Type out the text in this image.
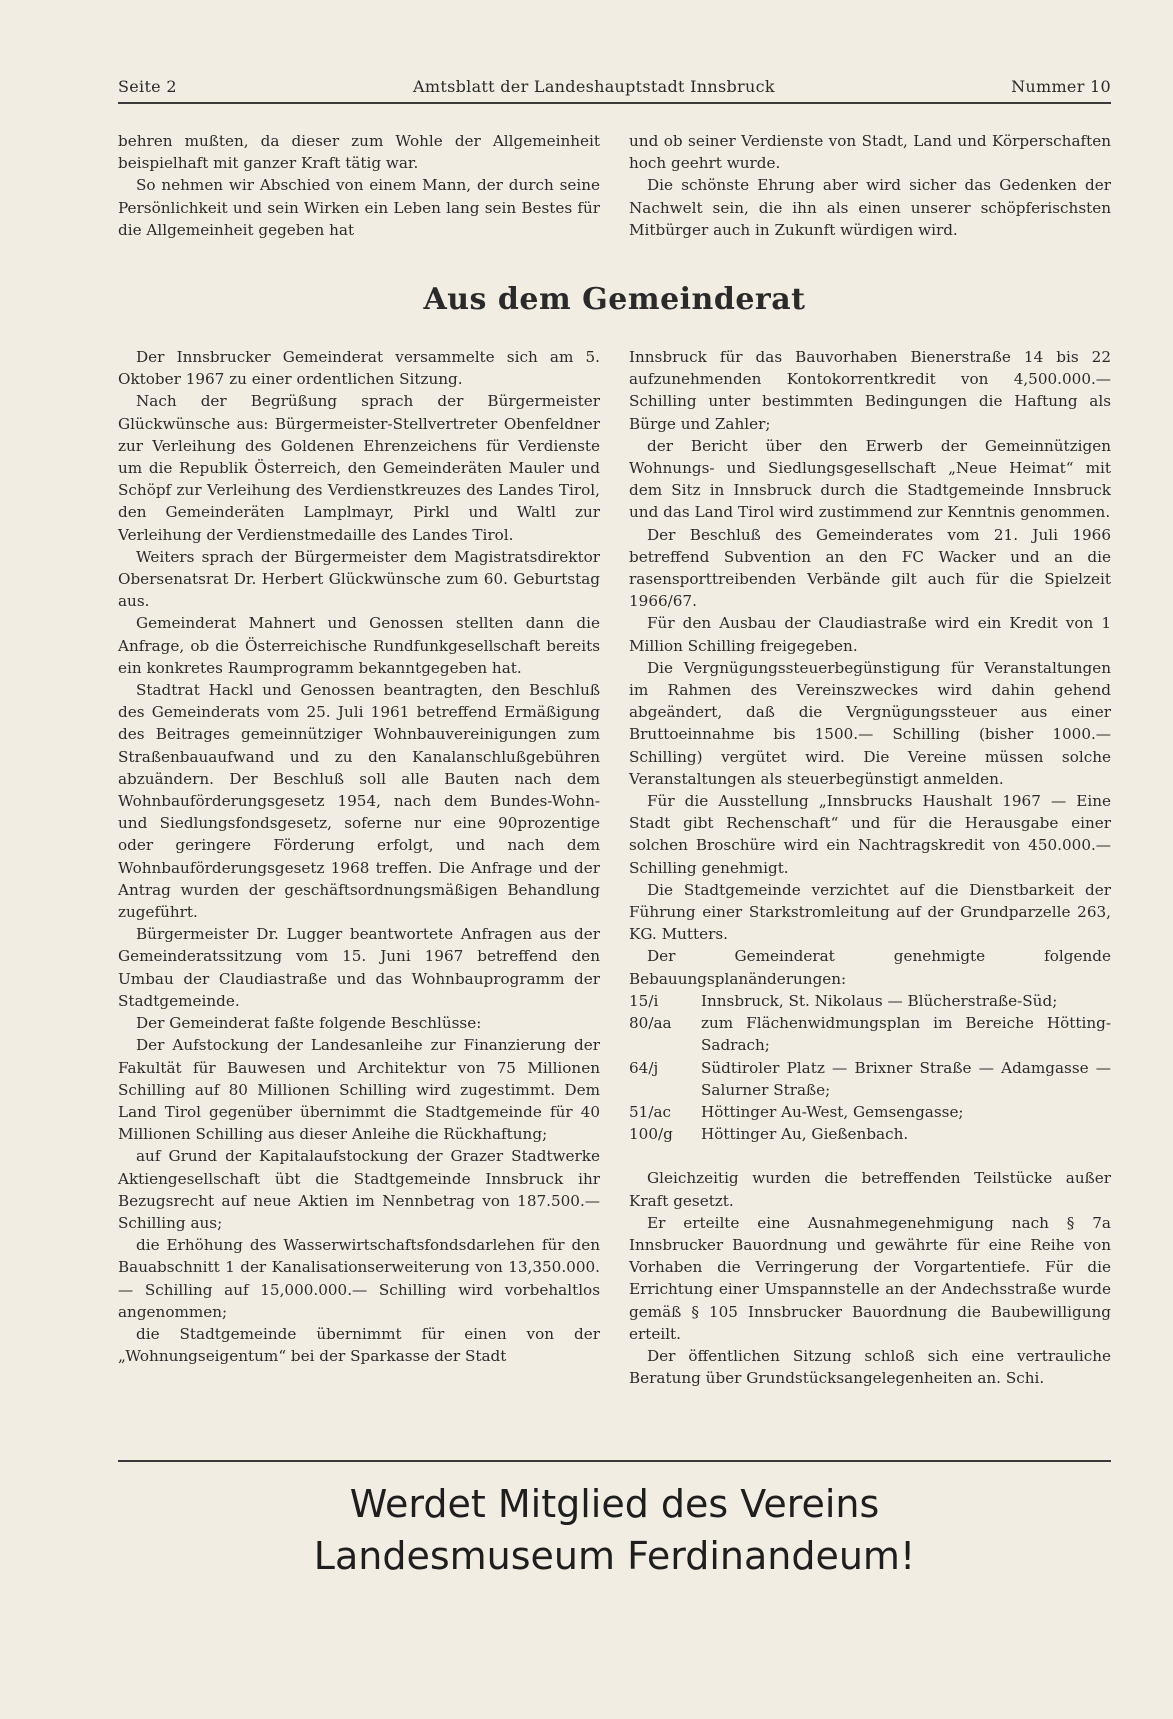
Seite 2	Amtsblatt der Landeshauptstadt Innsbruck	Nummer 10

behren mußten, da dieser zum Wohle der Allgemeinheit beispielhaft mit ganzer Kraft tätig war.

So nehmen wir Abschied von einem Mann, der durch seine Persönlichkeit und sein Wirken ein Leben lang sein Bestes für die Allgemeinheit gegeben hat

und ob seiner Verdienste von Stadt, Land und Körperschaften hoch geehrt wurde.

Die schönste Ehrung aber wird sicher das Gedenken der Nachwelt sein, die ihn als einen unserer schöpferischsten Mitbürger auch in Zukunft würdigen wird.

Aus dem Gemeinderat

Der Innsbrucker Gemeinderat versammelte sich am 5. Oktober 1967 zu einer ordentlichen Sitzung.

Nach der Begrüßung sprach der Bürgermeister Glückwünsche aus: Bürgermeister-Stellvertreter Obenfeldner zur Verleihung des Goldenen Ehrenzeichens für Verdienste um die Republik Österreich, den Gemeinderäten Mauler und Schöpf zur Verleihung des Verdienstkreuzes des Landes Tirol, den Gemeinderäten Lamplmayr, Pirkl und Waltl zur Verleihung der Verdienstmedaille des Landes Tirol.

Weiters sprach der Bürgermeister dem Magistratsdirektor Obersenatsrat Dr. Herbert Glückwünsche zum 60. Geburtstag aus.

Gemeinderat Mahnert und Genossen stellten dann die Anfrage, ob die Österreichische Rundfunkgesellschaft bereits ein konkretes Raumprogramm bekanntgegeben hat.

Stadtrat Hackl und Genossen beantragten, den Beschluß des Gemeinderats vom 25. Juli 1961 betreffend Ermäßigung des Beitrages gemeinnütziger Wohnbauvereinigungen zum Straßenbauaufwand und zu den Kanalanschlußgebühren abzuändern. Der Beschluß soll alle Bauten nach dem Wohnbauförderungsgesetz 1954, nach dem Bundes-Wohn- und Siedlungsfondsgesetz, soferne nur eine 90prozentige oder geringere Förderung erfolgt, und nach dem Wohnbauförderungsgesetz 1968 treffen. Die Anfrage und der Antrag wurden der geschäftsordnungsmäßigen Behandlung zugeführt.

Bürgermeister Dr. Lugger beantwortete Anfragen aus der Gemeinderatssitzung vom 15. Juni 1967 betreffend den Umbau der Claudiastraße und das Wohnbauprogramm der Stadtgemeinde.

Der Gemeinderat faßte folgende Beschlüsse:

Der Aufstockung der Landesanleihe zur Finanzierung der Fakultät für Bauwesen und Architektur von 75 Millionen Schilling auf 80 Millionen Schilling wird zugestimmt. Dem Land Tirol gegenüber übernimmt die Stadtgemeinde für 40 Millionen Schilling aus dieser Anleihe die Rückhaftung;

auf Grund der Kapitalaufstockung der Grazer Stadtwerke Aktiengesellschaft übt die Stadtgemeinde Innsbruck ihr Bezugsrecht auf neue Aktien im Nennbetrag von 187.500.— Schilling aus;

die Erhöhung des Wasserwirtschaftsfondsdarlehen für den Bauabschnitt 1 der Kanalisationserweiterung von 13,350.000.— Schilling auf 15,000.000.— Schilling wird vorbehaltlos angenommen;

die Stadtgemeinde übernimmt für einen von der „Wohnungseigentum“ bei der Sparkasse der Stadt

Innsbruck für das Bauvorhaben Bienerstraße 14 bis 22 aufzunehmenden Kontokorrentkredit von 4,500.000.— Schilling unter bestimmten Bedingungen die Haftung als Bürge und Zahler;

der Bericht über den Erwerb der Gemeinnützigen Wohnungs- und Siedlungsgesellschaft „Neue Heimat“ mit dem Sitz in Innsbruck durch die Stadtgemeinde Innsbruck und das Land Tirol wird zustimmend zur Kenntnis genommen.

Der Beschluß des Gemeinderates vom 21. Juli 1966 betreffend Subvention an den FC Wacker und an die rasensporttreibenden Verbände gilt auch für die Spielzeit 1966/67.

Für den Ausbau der Claudiastraße wird ein Kredit von 1 Million Schilling freigegeben.

Die Vergnügungssteuerbegünstigung für Veranstaltungen im Rahmen des Vereinszweckes wird dahin gehend abgeändert, daß die Vergnügungssteuer aus einer Bruttoeinnahme bis 1500.— Schilling (bisher 1000.— Schilling) vergütet wird. Die Vereine müssen solche Veranstaltungen als steuerbegünstigt anmelden.

Für die Ausstellung „Innsbrucks Haushalt 1967 — Eine Stadt gibt Rechenschaft“ und für die Herausgabe einer solchen Broschüre wird ein Nachtragskredit von 450.000.— Schilling genehmigt.

Die Stadtgemeinde verzichtet auf die Dienstbarkeit der Führung einer Starkstromleitung auf der Grundparzelle 263, KG. Mutters.

Der Gemeinderat genehmigte folgende Bebauungsplanänderungen:

15/i	Innsbruck, St. Nikolaus — Blücherstraße-Süd;
80/aa	zum Flächenwidmungsplan im Bereiche Hötting-Sadrach;
64/j	Südtiroler Platz — Brixner Straße — Adamgasse — Salurner Straße;
51/ac	Höttinger Au-West, Gemsengasse;
100/g	Höttinger Au, Gießenbach.

Gleichzeitig wurden die betreffenden Teilstücke außer Kraft gesetzt.

Er erteilte eine Ausnahmegenehmigung nach § 7a Innsbrucker Bauordnung und gewährte für eine Reihe von Vorhaben die Verringerung der Vorgartentiefe. Für die Errichtung einer Umspannstelle an der Andechsstraße wurde gemäß § 105 Innsbrucker Bauordnung die Baubewilligung erteilt.

Der öffentlichen Sitzung schloß sich eine vertrauliche Beratung über Grundstücksangelegenheiten an. Schi.

Werdet Mitglied des Vereins
Landesmuseum Ferdinandeum!
